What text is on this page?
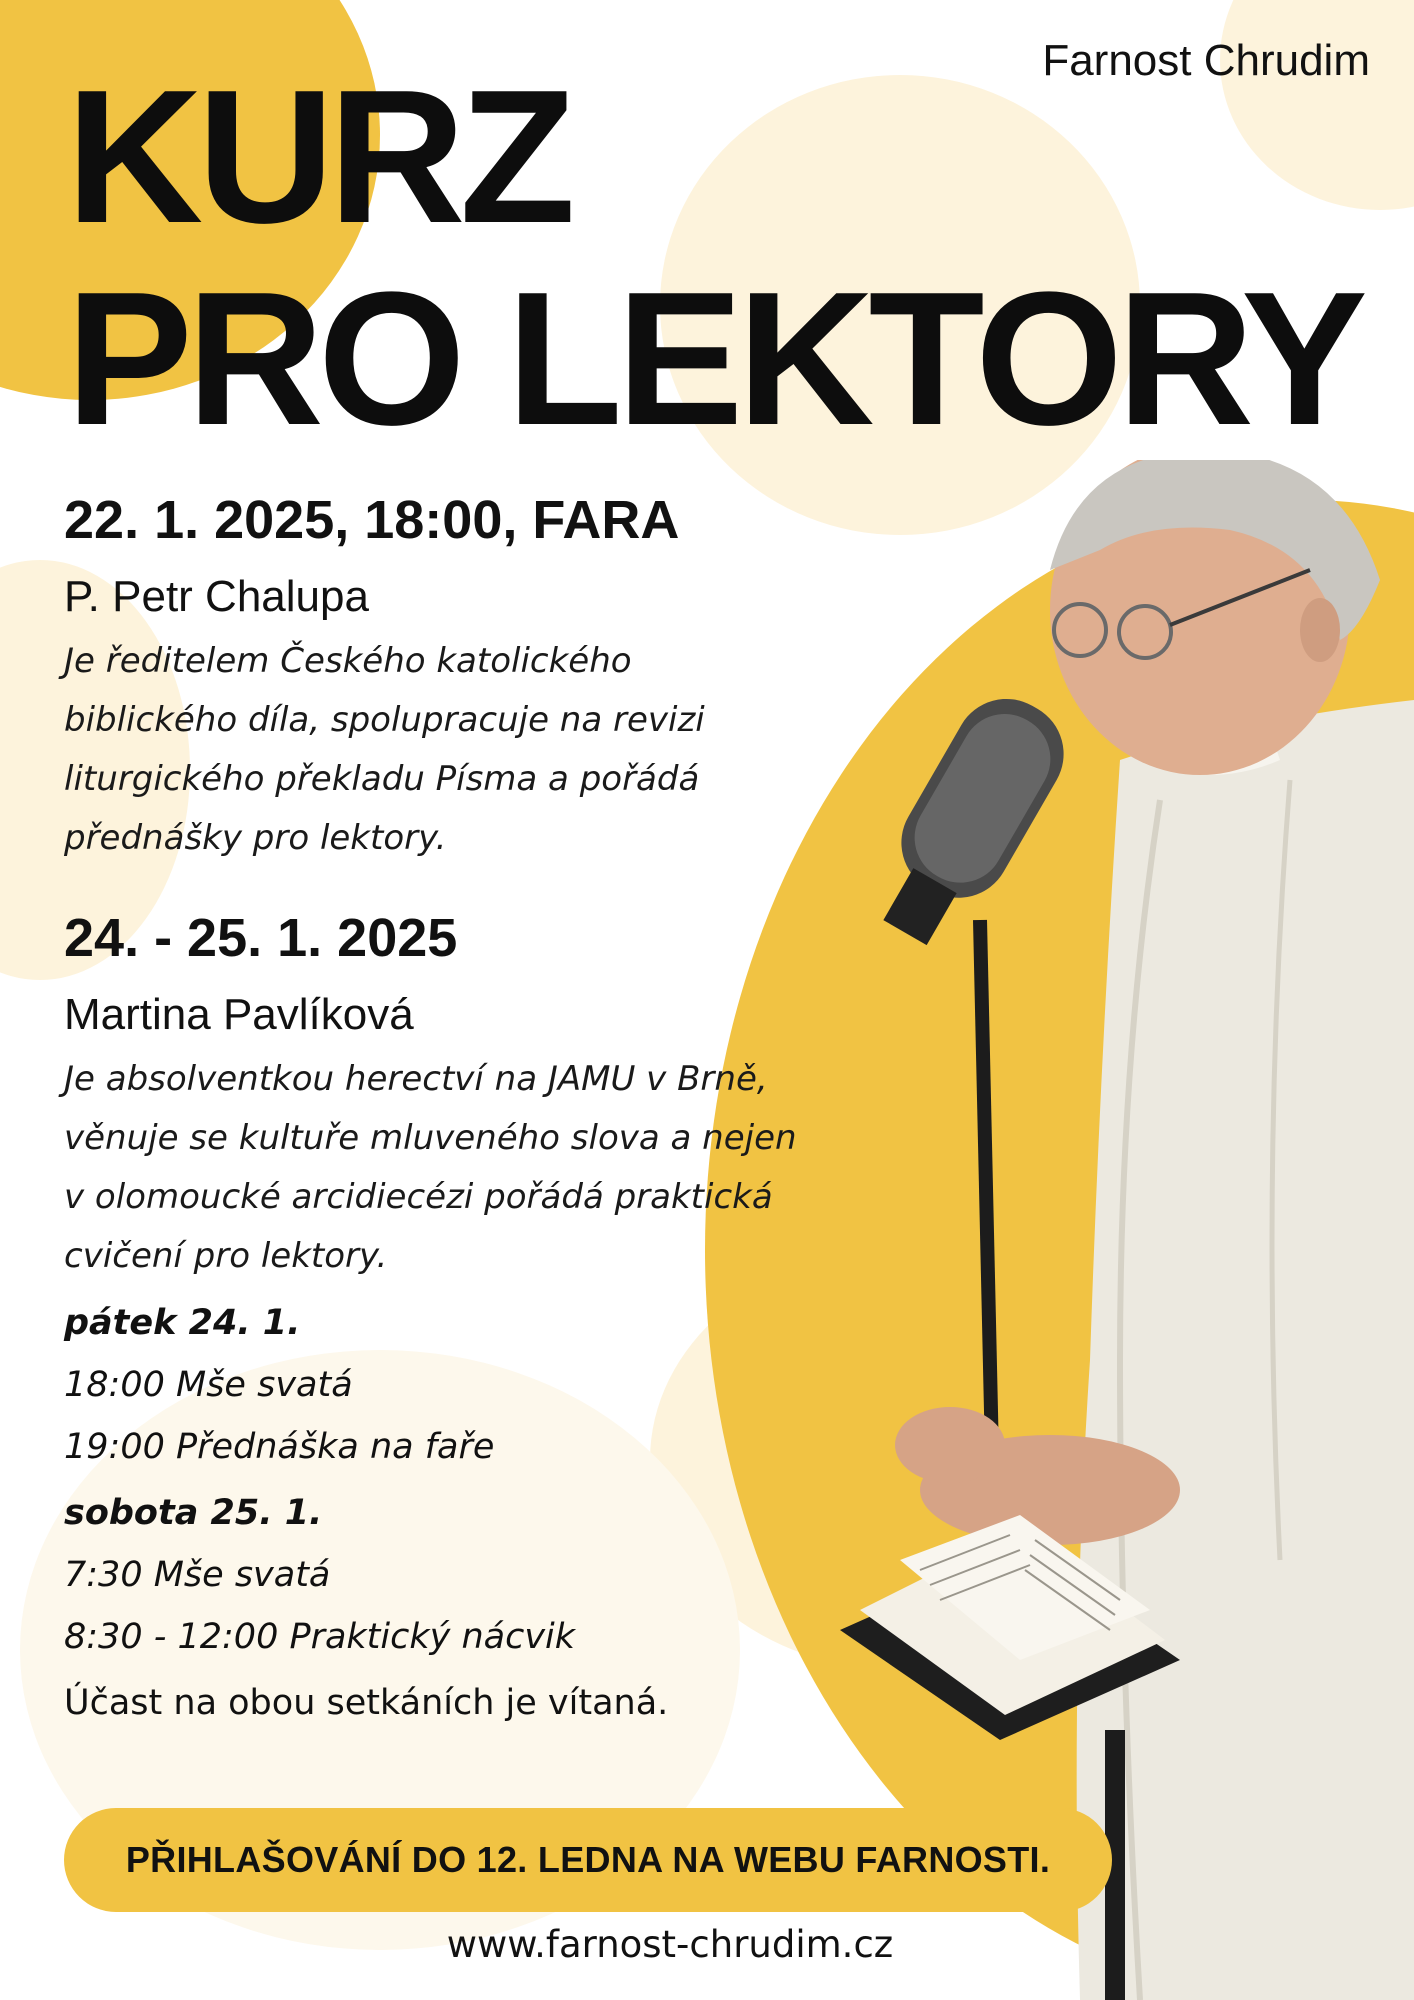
Farnost Chrudim
KURZ
PRO LEKTORY
22. 1. 2025, 18:00, FARA
P. Petr Chalupa
Je ředitelem Českého katolického
biblického díla, spolupracuje na revizi
liturgického překladu Písma a pořádá
přednášky pro lektory.
24. - 25. 1. 2025
Martina Pavlíková
Je absolventkou herectví na JAMU v Brně,
věnuje se kultuře mluveného slova a nejen
v olomoucké arcidiecézi pořádá praktická
cvičení pro lektory.
pátek 24. 1.
18:00 Mše svatá
19:00 Přednáška na faře
sobota 25. 1.
7:30 Mše svatá
8:30 - 12:00 Praktický nácvik
Účast na obou setkáních je vítaná.
PŘIHLAŠOVÁNÍ DO 12. LEDNA NA WEBU FARNOSTI.
www.farnost-chrudim.cz
